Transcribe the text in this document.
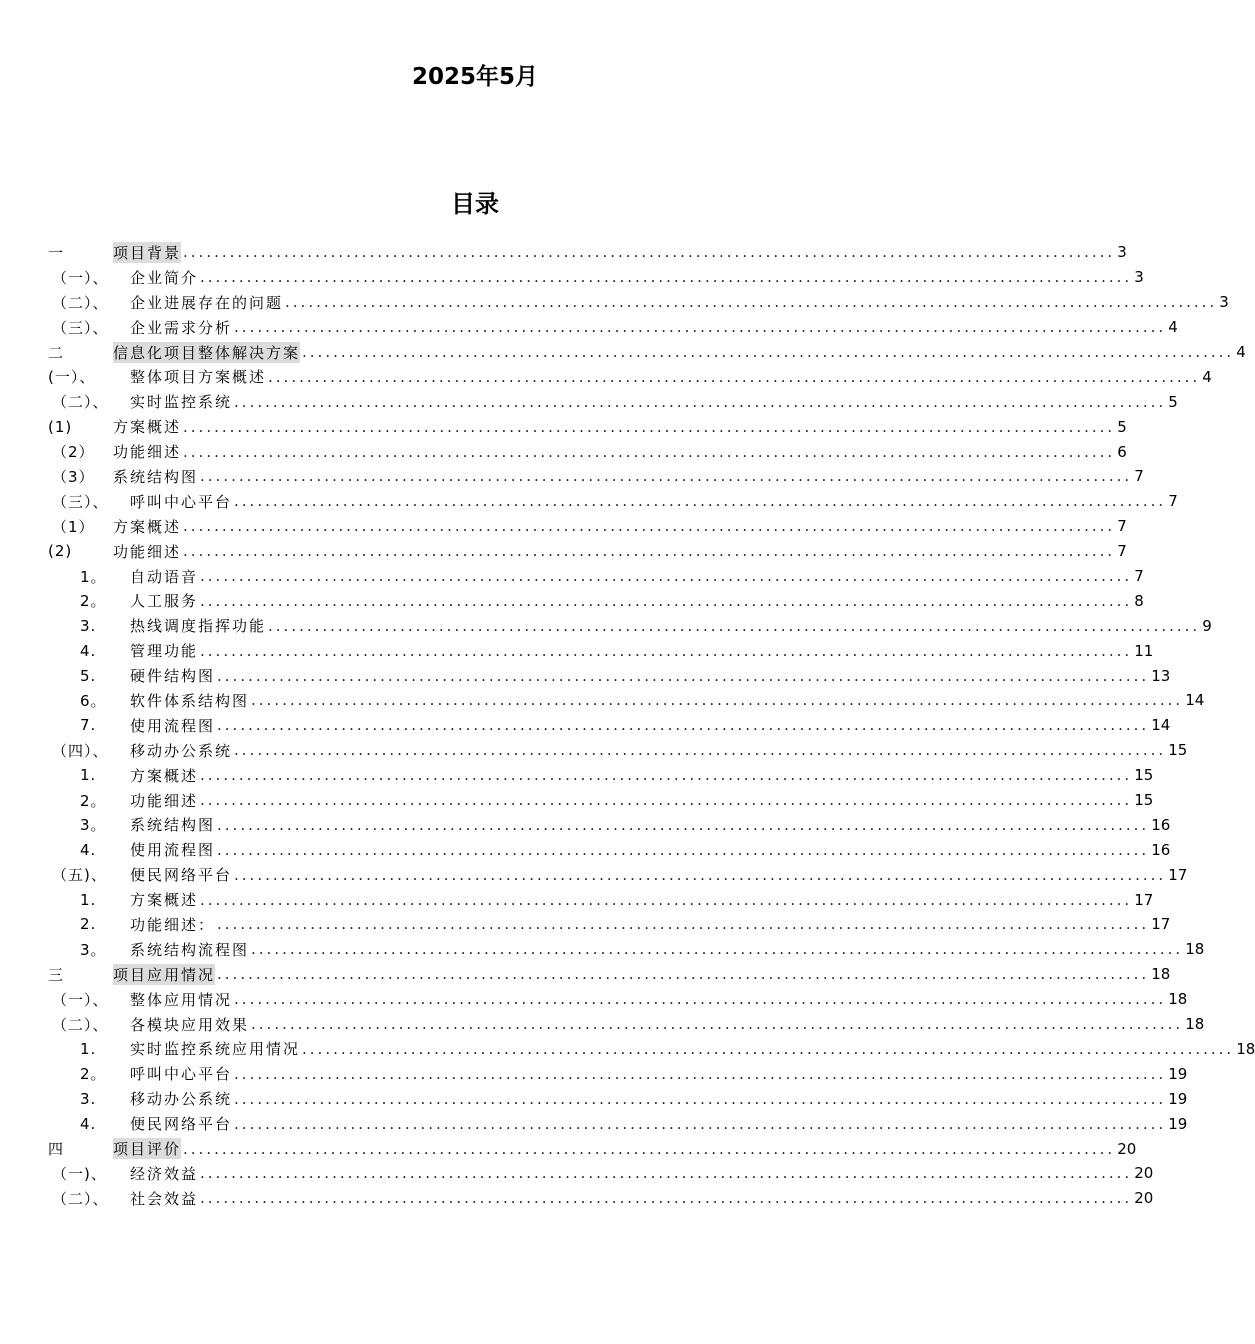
2025年5月
目录
一	项目背景 ........................................................................................................................ 3
（一）、	企业简介 ........................................................................................................................ 3
（二）、	企业进展存在的问题 ........................................................................................................................ 3
（三）、	企业需求分析 ........................................................................................................................ 4
二	信息化项目整体解决方案 ........................................................................................................................ 4
(一）、	整体项目方案概述 ........................................................................................................................ 4
（二）、	实时监控系统 ........................................................................................................................ 5
(1)	方案概述 ........................................................................................................................ 5
（2）	功能细述 ........................................................................................................................ 6
（3）	系统结构图 ........................................................................................................................ 7
（三）、	呼叫中心平台 ........................................................................................................................ 7
（1）	方案概述 ........................................................................................................................ 7
(2)	功能细述 ........................................................................................................................ 7
1。	自动语音 ........................................................................................................................ 7
2。	人工服务 ........................................................................................................................ 8
3.	热线调度指挥功能 ........................................................................................................................ 9
4.	管理功能 ........................................................................................................................ 11
5.	硬件结构图 ........................................................................................................................ 13
6。	软件体系结构图 ........................................................................................................................ 14
7.	使用流程图 ........................................................................................................................ 14
（四）、	移动办公系统 ........................................................................................................................ 15
1.	方案概述 ........................................................................................................................ 15
2。	功能细述 ........................................................................................................................ 15
3。	系统结构图 ........................................................................................................................ 16
4.	使用流程图 ........................................................................................................................ 16
（五)、	便民网络平台 ........................................................................................................................ 17
1.	方案概述 ........................................................................................................................ 17
2.	功能细述： ........................................................................................................................ 17
3。	系统结构流程图 ........................................................................................................................ 18
三	项目应用情况 ........................................................................................................................ 18
（一）、	整体应用情况 ........................................................................................................................ 18
（二）、	各模块应用效果 ........................................................................................................................ 18
1.	实时监控系统应用情况 ........................................................................................................................ 18
2。	呼叫中心平台 ........................................................................................................................ 19
3.	移动办公系统 ........................................................................................................................ 19
4.	便民网络平台 ........................................................................................................................ 19
四	项目评价 ........................................................................................................................ 20
（一)、	经济效益 ........................................................................................................................ 20
（二）、	社会效益 ........................................................................................................................ 20
